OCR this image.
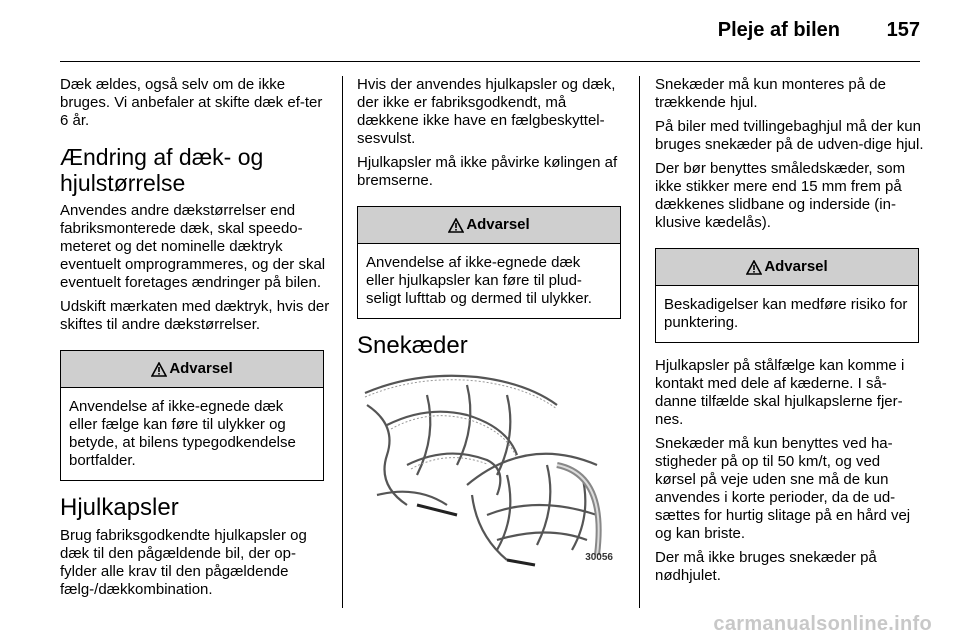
Pleje af bilen 157

Dæk ældes, også selv om de ikke bruges. Vi anbefaler at skifte dæk ef-ter 6 år.

Ændring af dæk- og hjulstørrelse

Anvendes andre dækstørrelser end fabriksmonterede dæk, skal speedo-meteret og det nominelle dæktryk eventuelt omprogrammeres, og der skal eventuelt foretages ændringer på bilen.

Udskift mærkaten med dæktryk, hvis der skiftes til andre dækstørrelser.

Advarsel
Anvendelse af ikke-egnede dæk eller fælge kan føre til ulykker og betyde, at bilens typegodkendelse bortfalder.
Hjulkapsler

Brug fabriksgodkendte hjulkapsler og dæk til den pågældende bil, der op-fylder alle krav til den pågældende fælg-/dækkombination.

Hvis der anvendes hjulkapsler og dæk, der ikke er fabriksgodkendt, må dækkene ikke have en fælgbeskyttel-sesvulst.

Hjulkapsler må ikke påvirke kølingen af bremserne.

Advarsel
Anvendelse af ikke-egnede dæk eller hjulkapsler kan føre til plud-seligt lufttab og dermed til ulykker.
Snekæder
30056

Snekæder må kun monteres på de trækkende hjul.

På biler med tvillingebaghjul må der kun bruges snekæder på de udven-dige hjul.

Der bør benyttes småledskæder, som ikke stikker mere end 15 mm frem på dækkenes slidbane og inderside (in-klusive kædelås).

Advarsel
Beskadigelser kan medføre risiko for punktering.

Hjulkapsler på stålfælge kan komme i kontakt med dele af kæderne. I så-danne tilfælde skal hjulkapslerne fjer-nes.

Snekæder må kun benyttes ved ha-stigheder på op til 50 km/t, og ved kørsel på veje uden sne må de kun anvendes i korte perioder, da de ud-sættes for hurtig slitage på en hård vej og kan briste.

Der må ikke bruges snekæder på nødhjulet.

carmanualsonline.info
